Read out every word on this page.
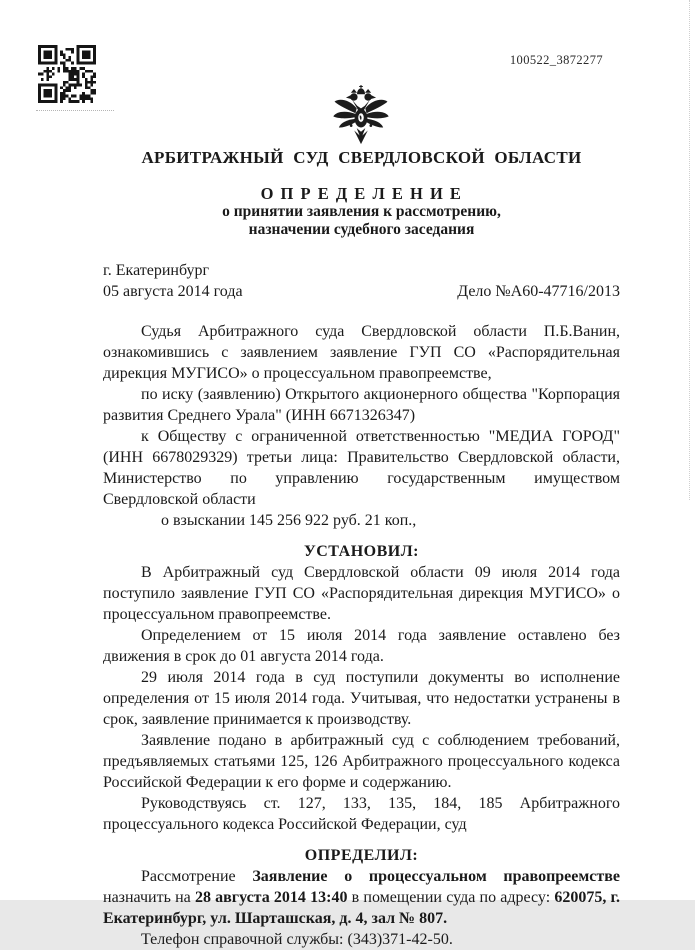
100522_3872277
АРБИТРАЖНЫЙ СУД СВЕРДЛОВСКОЙ ОБЛАСТИ
О П Р Е Д Е Л Е Н И Е
о принятии заявления к рассмотрению,
назначении судебного заседания
г. Екатеринбург
05 августа 2014 года	Дело №А60-47716/2013

Судья Арбитражного суда Свердловской области П.Б.Ванин, ознакомившись с заявлением заявление ГУП СО «Распорядительная дирекция МУГИСО» о процессуальном правопреемстве,

по иску (заявлению) Открытого акционерного общества "Корпорация развития Среднего Урала" (ИНН 6671326347)

к Обществу с ограниченной ответственностью "МЕДИА ГОРОД" (ИНН 6678029329) третьи лица: Правительство Свердловской области, Министерство по управлению государственным имуществом Свердловской области

о взыскании 145 256 922 руб. 21 коп.,

УСТАНОВИЛ:

В Арбитражный суд Свердловской области 09 июля 2014 года поступило заявление ГУП СО «Распорядительная дирекция МУГИСО» о процессуальном правопреемстве.

Определением от 15 июля 2014 года заявление оставлено без движения в срок до 01 августа 2014 года.

29 июля 2014 года в суд поступили документы во исполнение определения от 15 июля 2014 года. Учитывая, что недостатки устранены в срок, заявление принимается к производству.

Заявление подано в арбитражный суд с соблюдением требований, предъявляемых статьями 125, 126 Арбитражного процессуального кодекса Российской Федерации к его форме и содержанию.

Руководствуясь ст. 127, 133, 135, 184, 185 Арбитражного процессуального кодекса Российской Федерации, суд

ОПРЕДЕЛИЛ:

Рассмотрение Заявление о процессуальном правопреемстве назначить на 28 августа 2014 13:40 в помещении суда по адресу: 620075, г. Екатеринбург, ул. Шарташская, д. 4, зал № 807.

Телефон справочной службы: (343)371-42-50.
